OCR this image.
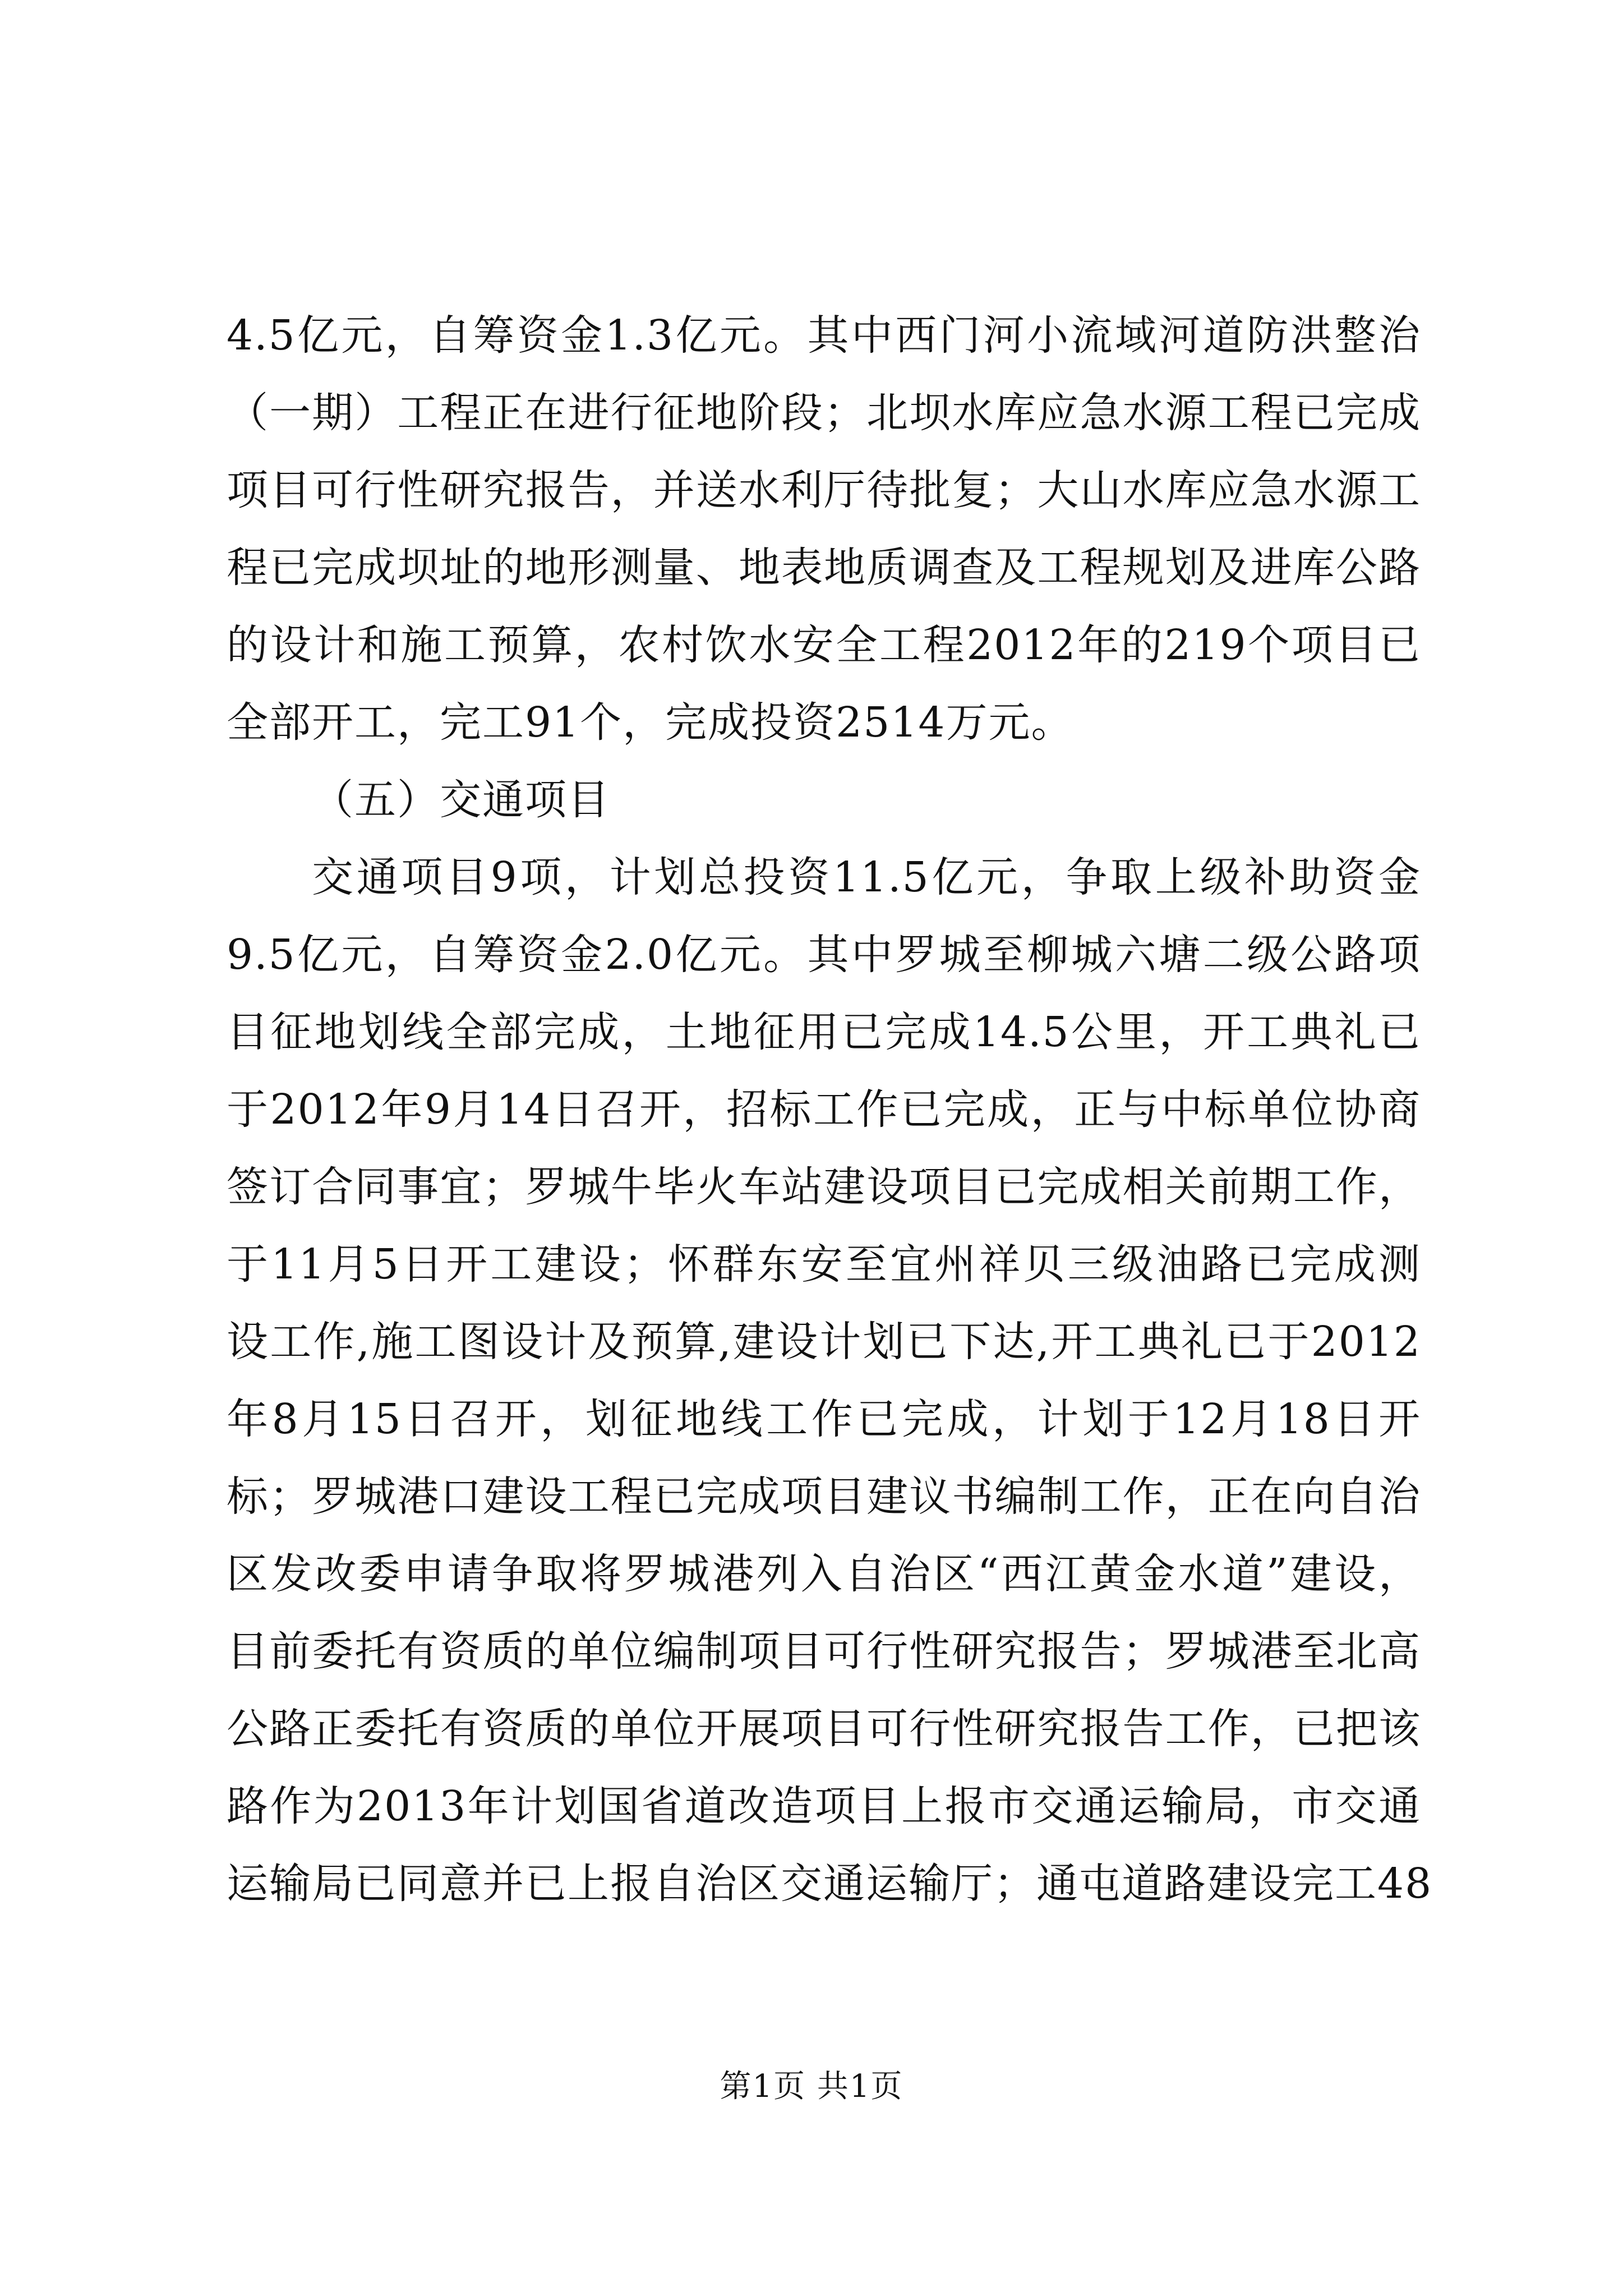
4.5亿元，自筹资金1.3亿元。其中西门河小流域河道防洪整治
（一期）工程正在进行征地阶段；北坝水库应急水源工程已完成
项目可行性研究报告，并送水利厅待批复；大山水库应急水源工
程已完成坝址的地形测量、地表地质调查及工程规划及进库公路
的设计和施工预算，农村饮水安全工程2012年的219个项目已
全部开工，完工91个，完成投资2514万元。
（五）交通项目
交通项目9项，计划总投资11.5亿元，争取上级补助资金
9.5亿元，自筹资金2.0亿元。其中罗城至柳城六塘二级公路项
目征地划线全部完成，土地征用已完成14.5公里，开工典礼已
于2012年9月14日召开，招标工作已完成，正与中标单位协商
签订合同事宜；罗城牛毕火车站建设项目已完成相关前期工作，
于11月5日开工建设；怀群东安至宜州祥贝三级油路已完成测
设工作,施工图设计及预算,建设计划已下达,开工典礼已于2012
年8月15日召开，划征地线工作已完成，计划于12月18日开
标；罗城港口建设工程已完成项目建议书编制工作，正在向自治
区发改委申请争取将罗城港列入自治区“西江黄金水道”建设，
目前委托有资质的单位编制项目可行性研究报告；罗城港至北高
公路正委托有资质的单位开展项目可行性研究报告工作，已把该
路作为2013年计划国省道改造项目上报市交通运输局，市交通
运输局已同意并已上报自治区交通运输厅；通屯道路建设完工48
第1页 共1页
